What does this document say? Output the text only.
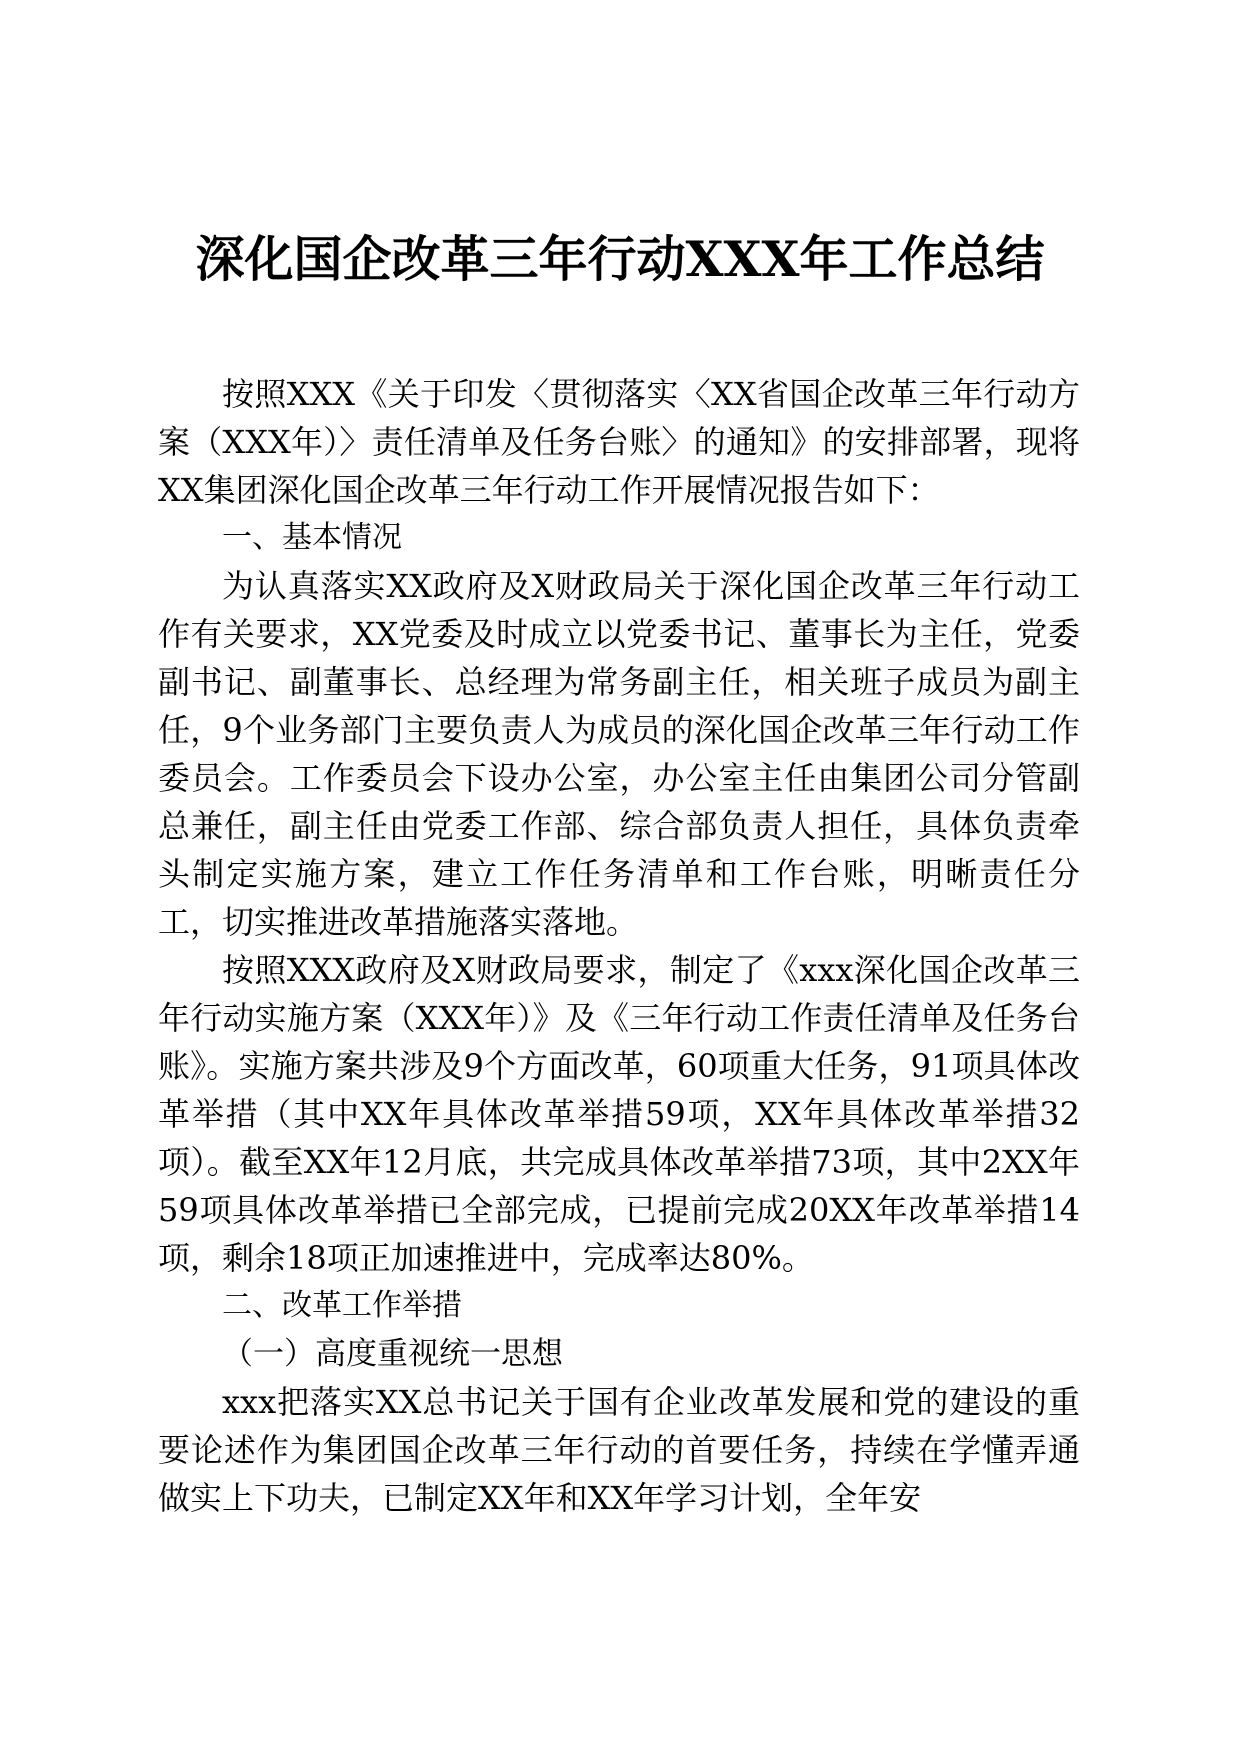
深化国企改革三年行动XXX年工作总结

按照XXX《关于印发〈贯彻落实〈XX省国企改革三年行动方案（XXX年）〉责任清单及任务台账〉的通知》的安排部署，现将XX集团深化国企改革三年行动工作开展情况报告如下：

一、基本情况

为认真落实XX政府及X财政局关于深化国企改革三年行动工作有关要求，XX党委及时成立以党委书记、董事长为主任，党委副书记、副董事长、总经理为常务副主任，相关班子成员为副主任，9个业务部门主要负责人为成员的深化国企改革三年行动工作委员会。工作委员会下设办公室，办公室主任由集团公司分管副总兼任，副主任由党委工作部、综合部负责人担任，具体负责牵头制定实施方案，建立工作任务清单和工作台账，明晰责任分工，切实推进改革措施落实落地。

按照XXX政府及X财政局要求，制定了《xxx深化国企改革三年行动实施方案（XXX年）》及《三年行动工作责任清单及任务台账》。实施方案共涉及9个方面改革，60项重大任务，91项具体改革举措（其中XX年具体改革举措59项，XX年具体改革举措32项）。截至XX年12月底，共完成具体改革举措73项，其中2XX年59项具体改革举措已全部完成，已提前完成20XX年改革举措14项，剩余18项正加速推进中，完成率达80%。

二、改革工作举措

（一）高度重视统一思想

xxx把落实XX总书记关于国有企业改革发展和党的建设的重要论述作为集团国企改革三年行动的首要任务，持续在学懂弄通做实上下功夫，已制定XX年和XX年学习计划，全年安
